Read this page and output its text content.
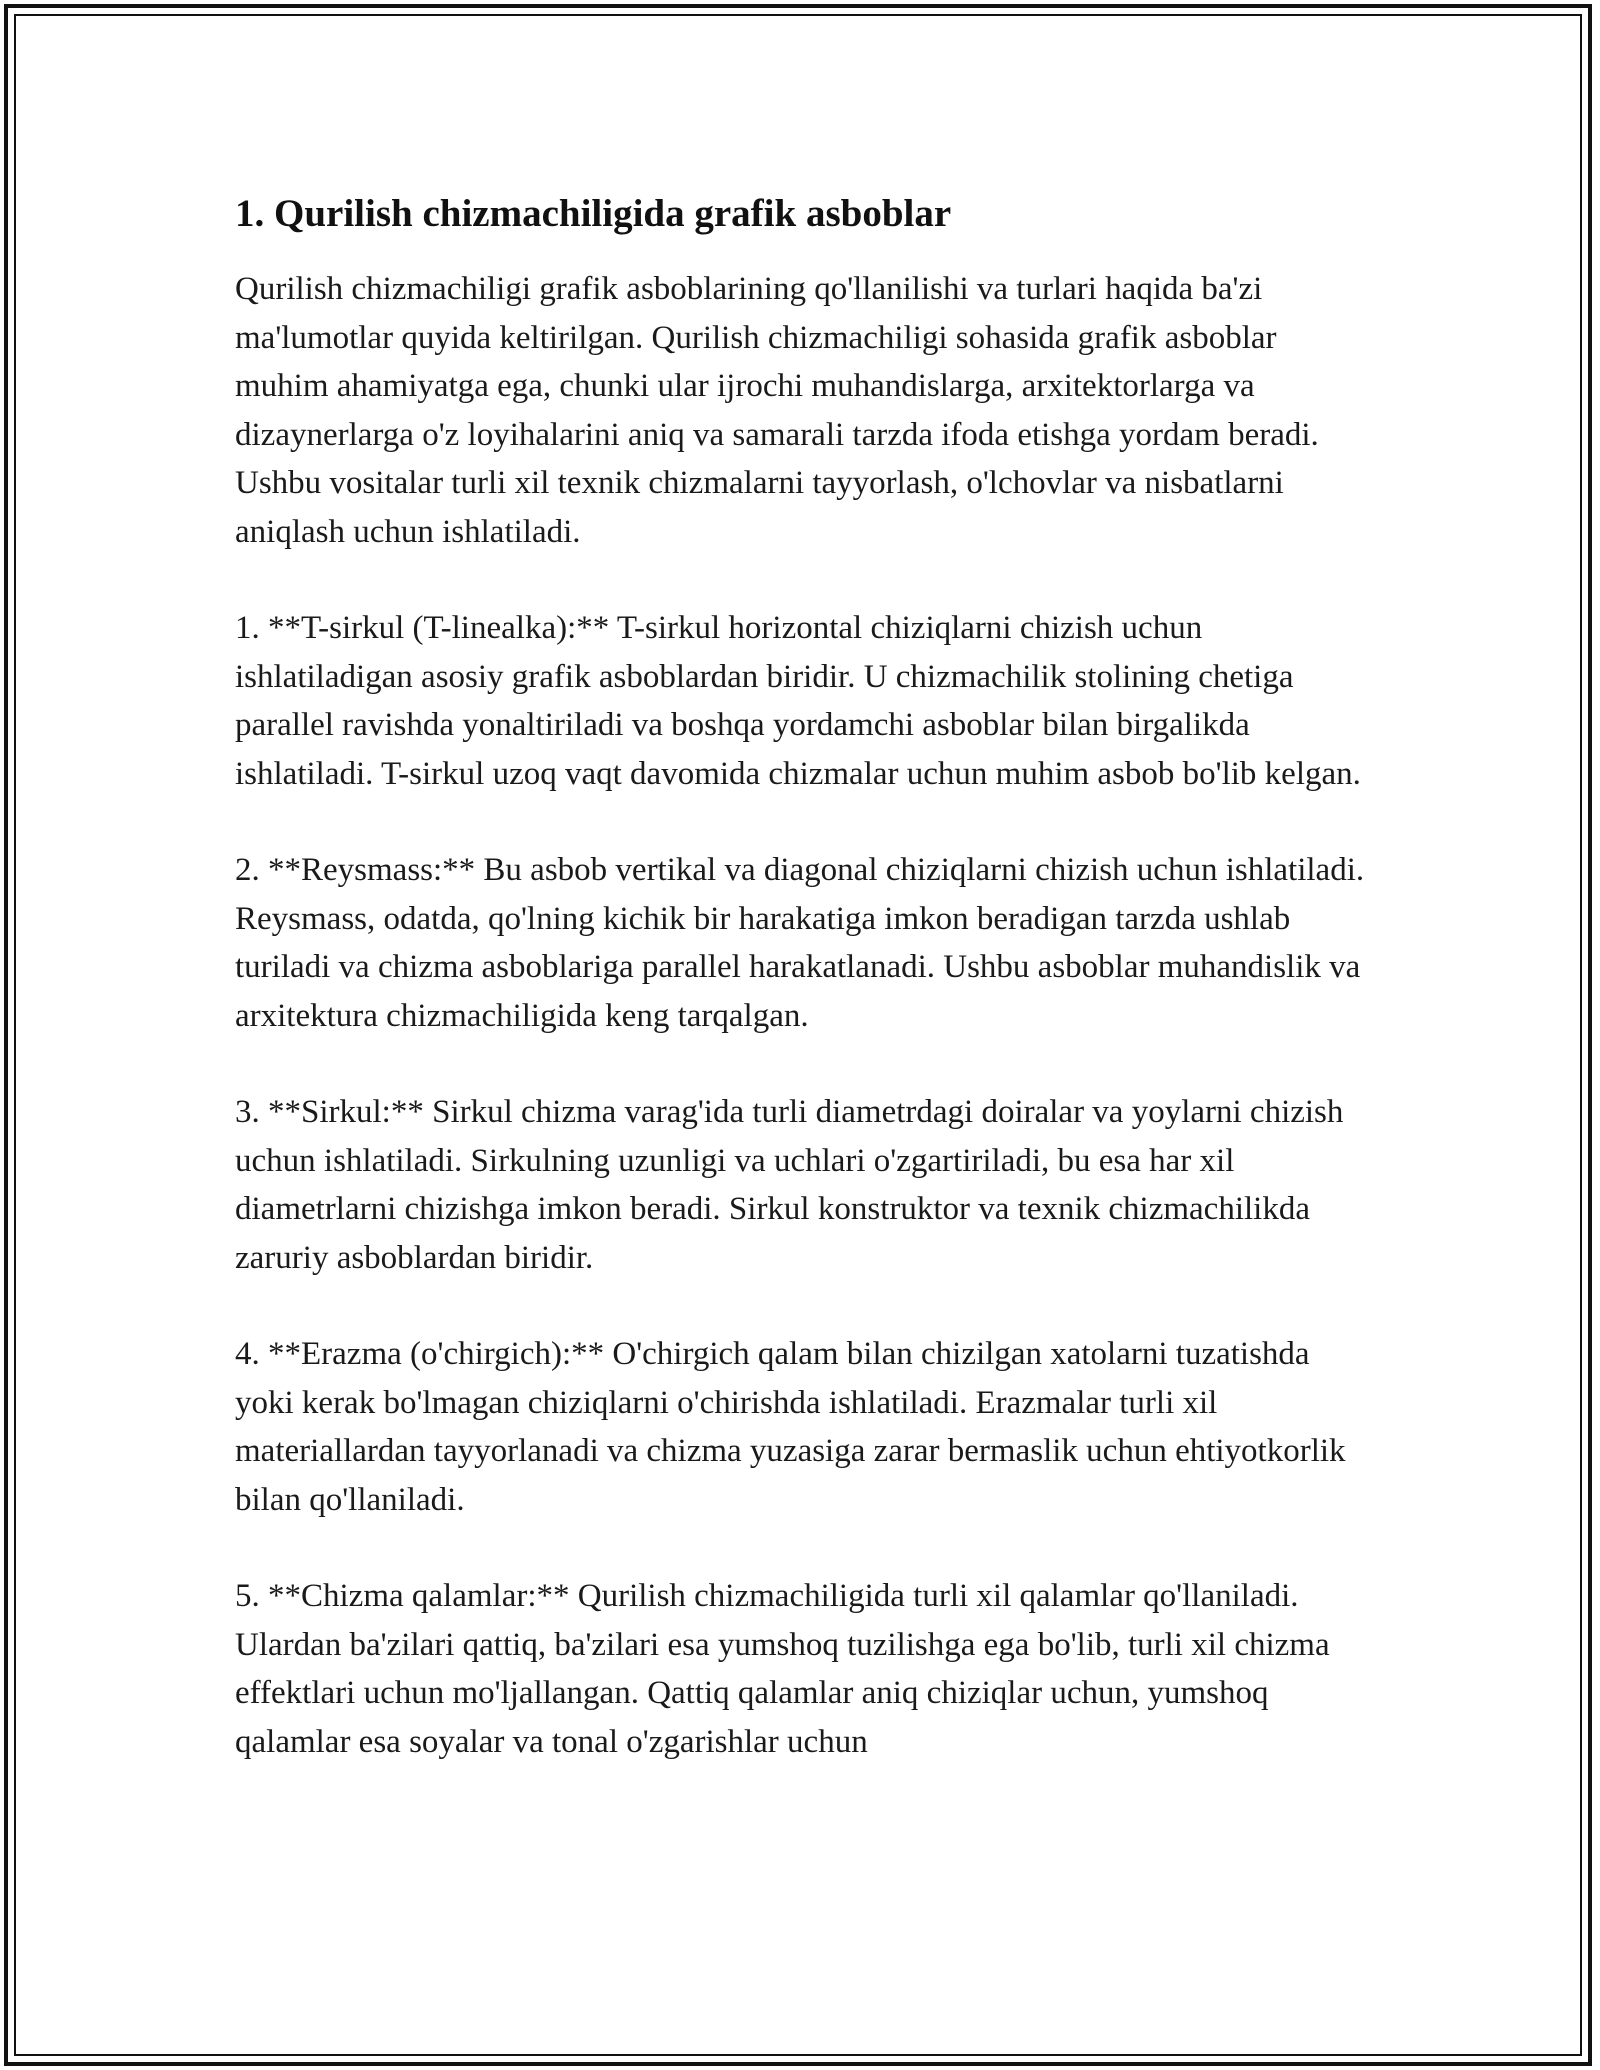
1. Qurilish chizmachiligida grafik asboblar

Qurilish chizmachiligi grafik asboblarining qo'llanilishi va turlari haqida ba'zi ma'lumotlar quyida keltirilgan. Qurilish chizmachiligi sohasida grafik asboblar muhim ahamiyatga ega, chunki ular ijrochi muhandislarga, arxitektorlarga va dizaynerlarga o'z loyihalarini aniq va samarali tarzda ifoda etishga yordam beradi. Ushbu vositalar turli xil texnik chizmalarni tayyorlash, o'lchovlar va nisbatlarni aniqlash uchun ishlatiladi.

1. **T-sirkul (T-linealka):** T-sirkul horizontal chiziqlarni chizish uchun ishlatiladigan asosiy grafik asboblardan biridir. U chizmachilik stolining chetiga parallel ravishda yonaltiriladi va boshqa yordamchi asboblar bilan birgalikda ishlatiladi. T-sirkul uzoq vaqt davomida chizmalar uchun muhim asbob bo'lib kelgan.

2. **Reysmass:** Bu asbob vertikal va diagonal chiziqlarni chizish uchun ishlatiladi. Reysmass, odatda, qo'lning kichik bir harakatiga imkon beradigan tarzda ushlab turiladi va chizma asboblariga parallel harakatlanadi. Ushbu asboblar muhandislik va arxitektura chizmachiligida keng tarqalgan.

3. **Sirkul:** Sirkul chizma varag'ida turli diametrdagi doiralar va yoylarni chizish uchun ishlatiladi. Sirkulning uzunligi va uchlari o'zgartiriladi, bu esa har xil diametrlarni chizishga imkon beradi. Sirkul konstruktor va texnik chizmachilikda zaruriy asboblardan biridir.

4. **Erazma (o'chirgich):** O'chirgich qalam bilan chizilgan xatolarni tuzatishda yoki kerak bo'lmagan chiziqlarni o'chirishda ishlatiladi. Erazmalar turli xil materiallardan tayyorlanadi va chizma yuzasiga zarar bermaslik uchun ehtiyotkorlik bilan qo'llaniladi.

5. **Chizma qalamlar:** Qurilish chizmachiligida turli xil qalamlar qo'llaniladi. Ulardan ba'zilari qattiq, ba'zilari esa yumshoq tuzilishga ega bo'lib, turli xil chizma effektlari uchun mo'ljallangan. Qattiq qalamlar aniq chiziqlar uchun, yumshoq qalamlar esa soyalar va tonal o'zgarishlar uchun
